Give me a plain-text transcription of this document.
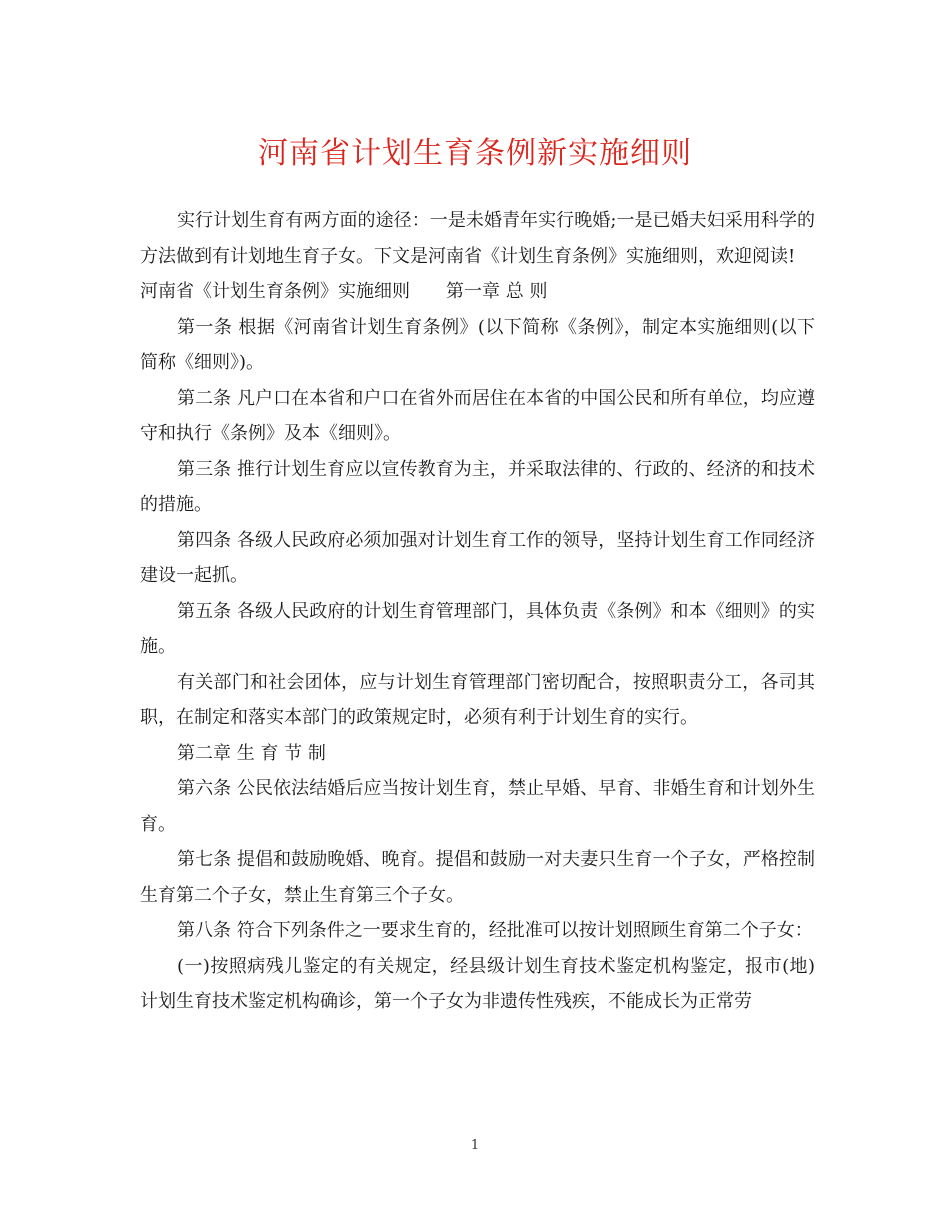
河南省计划生育条例新实施细则

实行计划生育有两方面的途径：一是未婚青年实行晚婚;一是已婚夫妇采用科学的方法做到有计划地生育子女。下文是河南省《计划生育条例》实施细则，欢迎阅读!

河南省《计划生育条例》实施细则　　第一章 总 则

第一条 根据《河南省计划生育条例》(以下简称《条例》，制定本实施细则(以下简称《细则》)。

第二条 凡户口在本省和户口在省外而居住在本省的中国公民和所有单位，均应遵守和执行《条例》及本《细则》。

第三条 推行计划生育应以宣传教育为主，并采取法律的、行政的、经济的和技术的措施。

第四条 各级人民政府必须加强对计划生育工作的领导，坚持计划生育工作同经济建设一起抓。

第五条 各级人民政府的计划生育管理部门，具体负责《条例》和本《细则》的实施。

有关部门和社会团体，应与计划生育管理部门密切配合，按照职责分工，各司其职，在制定和落实本部门的政策规定时，必须有利于计划生育的实行。

第二章 生 育 节 制

第六条 公民依法结婚后应当按计划生育，禁止早婚、早育、非婚生育和计划外生育。

第七条 提倡和鼓励晚婚、晚育。提倡和鼓励一对夫妻只生育一个子女，严格控制生育第二个子女，禁止生育第三个子女。

第八条 符合下列条件之一要求生育的，经批准可以按计划照顾生育第二个子女：

(一)按照病残儿鉴定的有关规定，经县级计划生育技术鉴定机构鉴定，报市(地)计划生育技术鉴定机构确诊，第一个子女为非遗传性残疾，不能成长为正常劳

1
